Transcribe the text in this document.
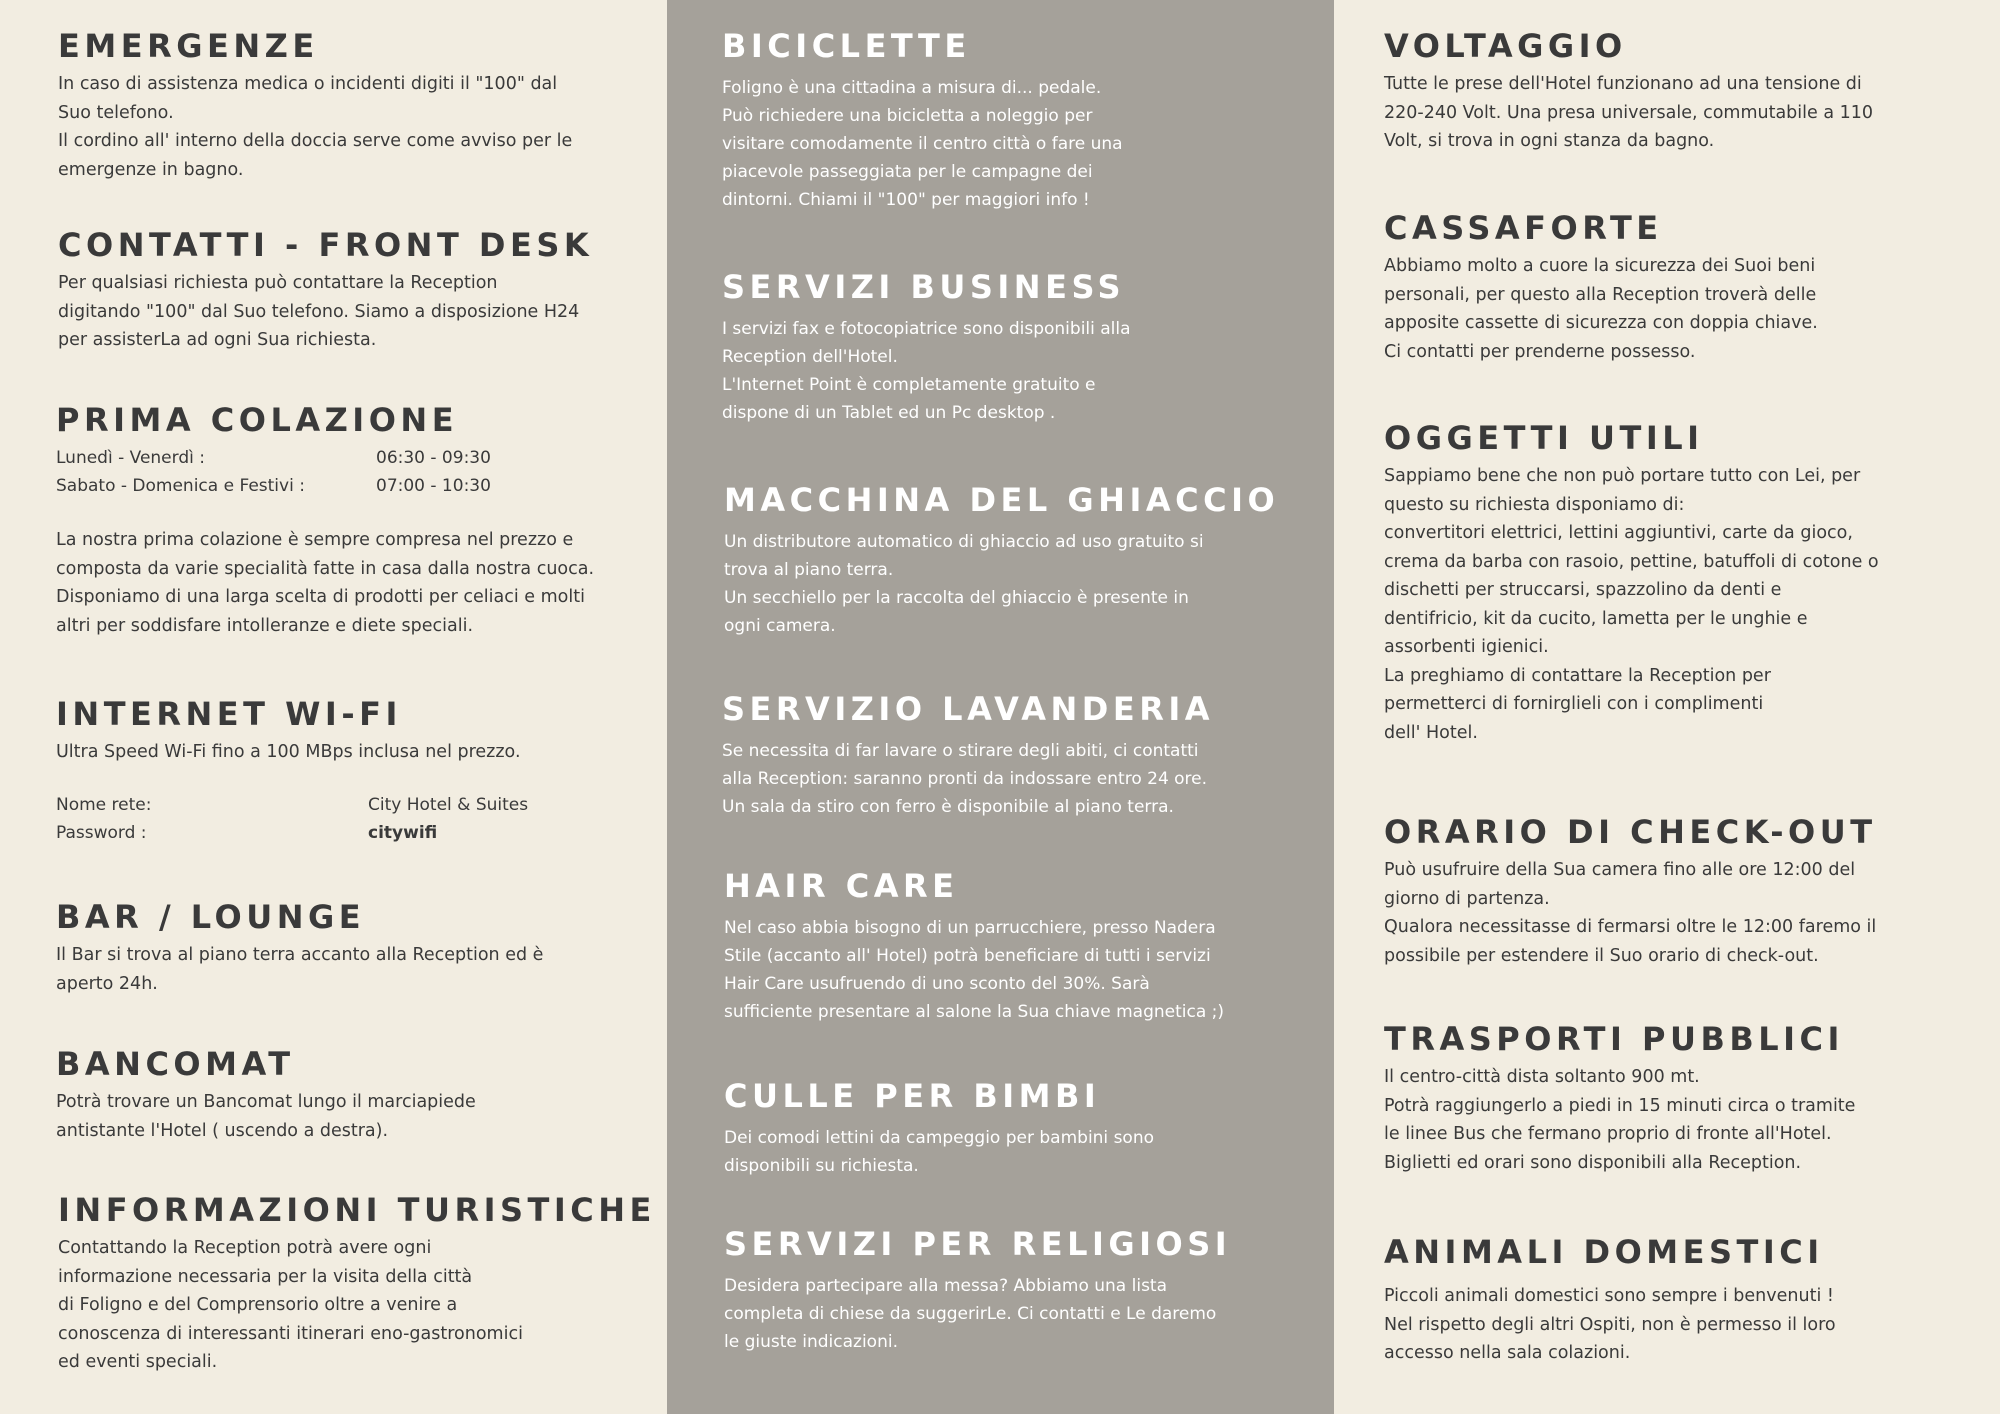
EMERGENZE

In caso di assistenza medica o incidenti digiti il "100" dal
Suo telefono.
Il cordino all' interno della doccia serve come avviso per le
emergenze in bagno.

CONTATTI - FRONT DESK

Per qualsiasi richiesta può contattare la Reception
digitando "100" dal Suo telefono. Siamo a disposizione H24
per assisterLa ad ogni Sua richiesta.

PRIMA COLAZIONE
Lunedì - Venerdì :	06:30 - 09:30
Sabato - Domenica e Festivi :	07:00 - 10:30

La nostra prima colazione è sempre compresa nel prezzo e
composta da varie specialità fatte in casa dalla nostra cuoca.
Disponiamo di una larga scelta di prodotti per celiaci e molti
altri per soddisfare intolleranze e diete speciali.

INTERNET WI-FI

Ultra Speed Wi-Fi fino a 100 MBps inclusa nel prezzo.

Nome rete:	City Hotel & Suites
Password :	citywifi
BAR / LOUNGE

Il Bar si trova al piano terra accanto alla Reception ed è
aperto 24h.

BANCOMAT

Potrà trovare un Bancomat lungo il marciapiede
antistante l'Hotel ( uscendo a destra).

INFORMAZIONI TURISTICHE

Contattando la Reception potrà avere ogni
informazione necessaria per la visita della città
di Foligno e del Comprensorio oltre a venire a
conoscenza di interessanti itinerari eno-gastronomici
ed eventi speciali.

BICICLETTE

Foligno è una cittadina a misura di... pedale.
Può richiedere una bicicletta a noleggio per
visitare comodamente il centro città o fare una
piacevole passeggiata per le campagne dei
dintorni. Chiami il "100" per maggiori info !

SERVIZI BUSINESS

I servizi fax e fotocopiatrice sono disponibili alla
Reception dell'Hotel.
L'Internet Point è completamente gratuito e
dispone di un Tablet ed un Pc desktop .

MACCHINA DEL GHIACCIO

Un distributore automatico di ghiaccio ad uso gratuito si
trova al piano terra.
Un secchiello per la raccolta del ghiaccio è presente in
ogni camera.

SERVIZIO LAVANDERIA

Se necessita di far lavare o stirare degli abiti, ci contatti
alla Reception: saranno pronti da indossare entro 24 ore.
Un sala da stiro con ferro è disponibile al piano terra.

HAIR CARE

Nel caso abbia bisogno di un parrucchiere, presso Nadera
Stile (accanto all' Hotel) potrà beneficiare di tutti i servizi
Hair Care usufruendo di uno sconto del 30%. Sarà
sufficiente presentare al salone la Sua chiave magnetica ;)

CULLE PER BIMBI

Dei comodi lettini da campeggio per bambini sono
disponibili su richiesta.

SERVIZI PER RELIGIOSI

Desidera partecipare alla messa? Abbiamo una lista
completa di chiese da suggerirLe. Ci contatti e Le daremo
le giuste indicazioni.

VOLTAGGIO

Tutte le prese dell'Hotel funzionano ad una tensione di
220-240 Volt. Una presa universale, commutabile a 110
Volt, si trova in ogni stanza da bagno.

CASSAFORTE

Abbiamo molto a cuore la sicurezza dei Suoi beni
personali, per questo alla Reception troverà delle
apposite cassette di sicurezza con doppia chiave.
Ci contatti per prenderne possesso.

OGGETTI UTILI

Sappiamo bene che non può portare tutto con Lei, per
questo su richiesta disponiamo di:
convertitori elettrici, lettini aggiuntivi, carte da gioco,
crema da barba con rasoio, pettine, batuffoli di cotone o
dischetti per struccarsi, spazzolino da denti e
dentifricio, kit da cucito, lametta per le unghie e
assorbenti igienici.
La preghiamo di contattare la Reception per
permetterci di fornirglieli con i complimenti
dell' Hotel.

ORARIO DI CHECK-OUT

Può usufruire della Sua camera fino alle ore 12:00 del
giorno di partenza.
Qualora necessitasse di fermarsi oltre le 12:00 faremo il
possibile per estendere il Suo orario di check-out.

TRASPORTI PUBBLICI

Il centro-città dista soltanto 900 mt.
Potrà raggiungerlo a piedi in 15 minuti circa o tramite
le linee Bus che fermano proprio di fronte all'Hotel.
Biglietti ed orari sono disponibili alla Reception.

ANIMALI DOMESTICI

Piccoli animali domestici sono sempre i benvenuti !
Nel rispetto degli altri Ospiti, non è permesso il loro
accesso nella sala colazioni.
